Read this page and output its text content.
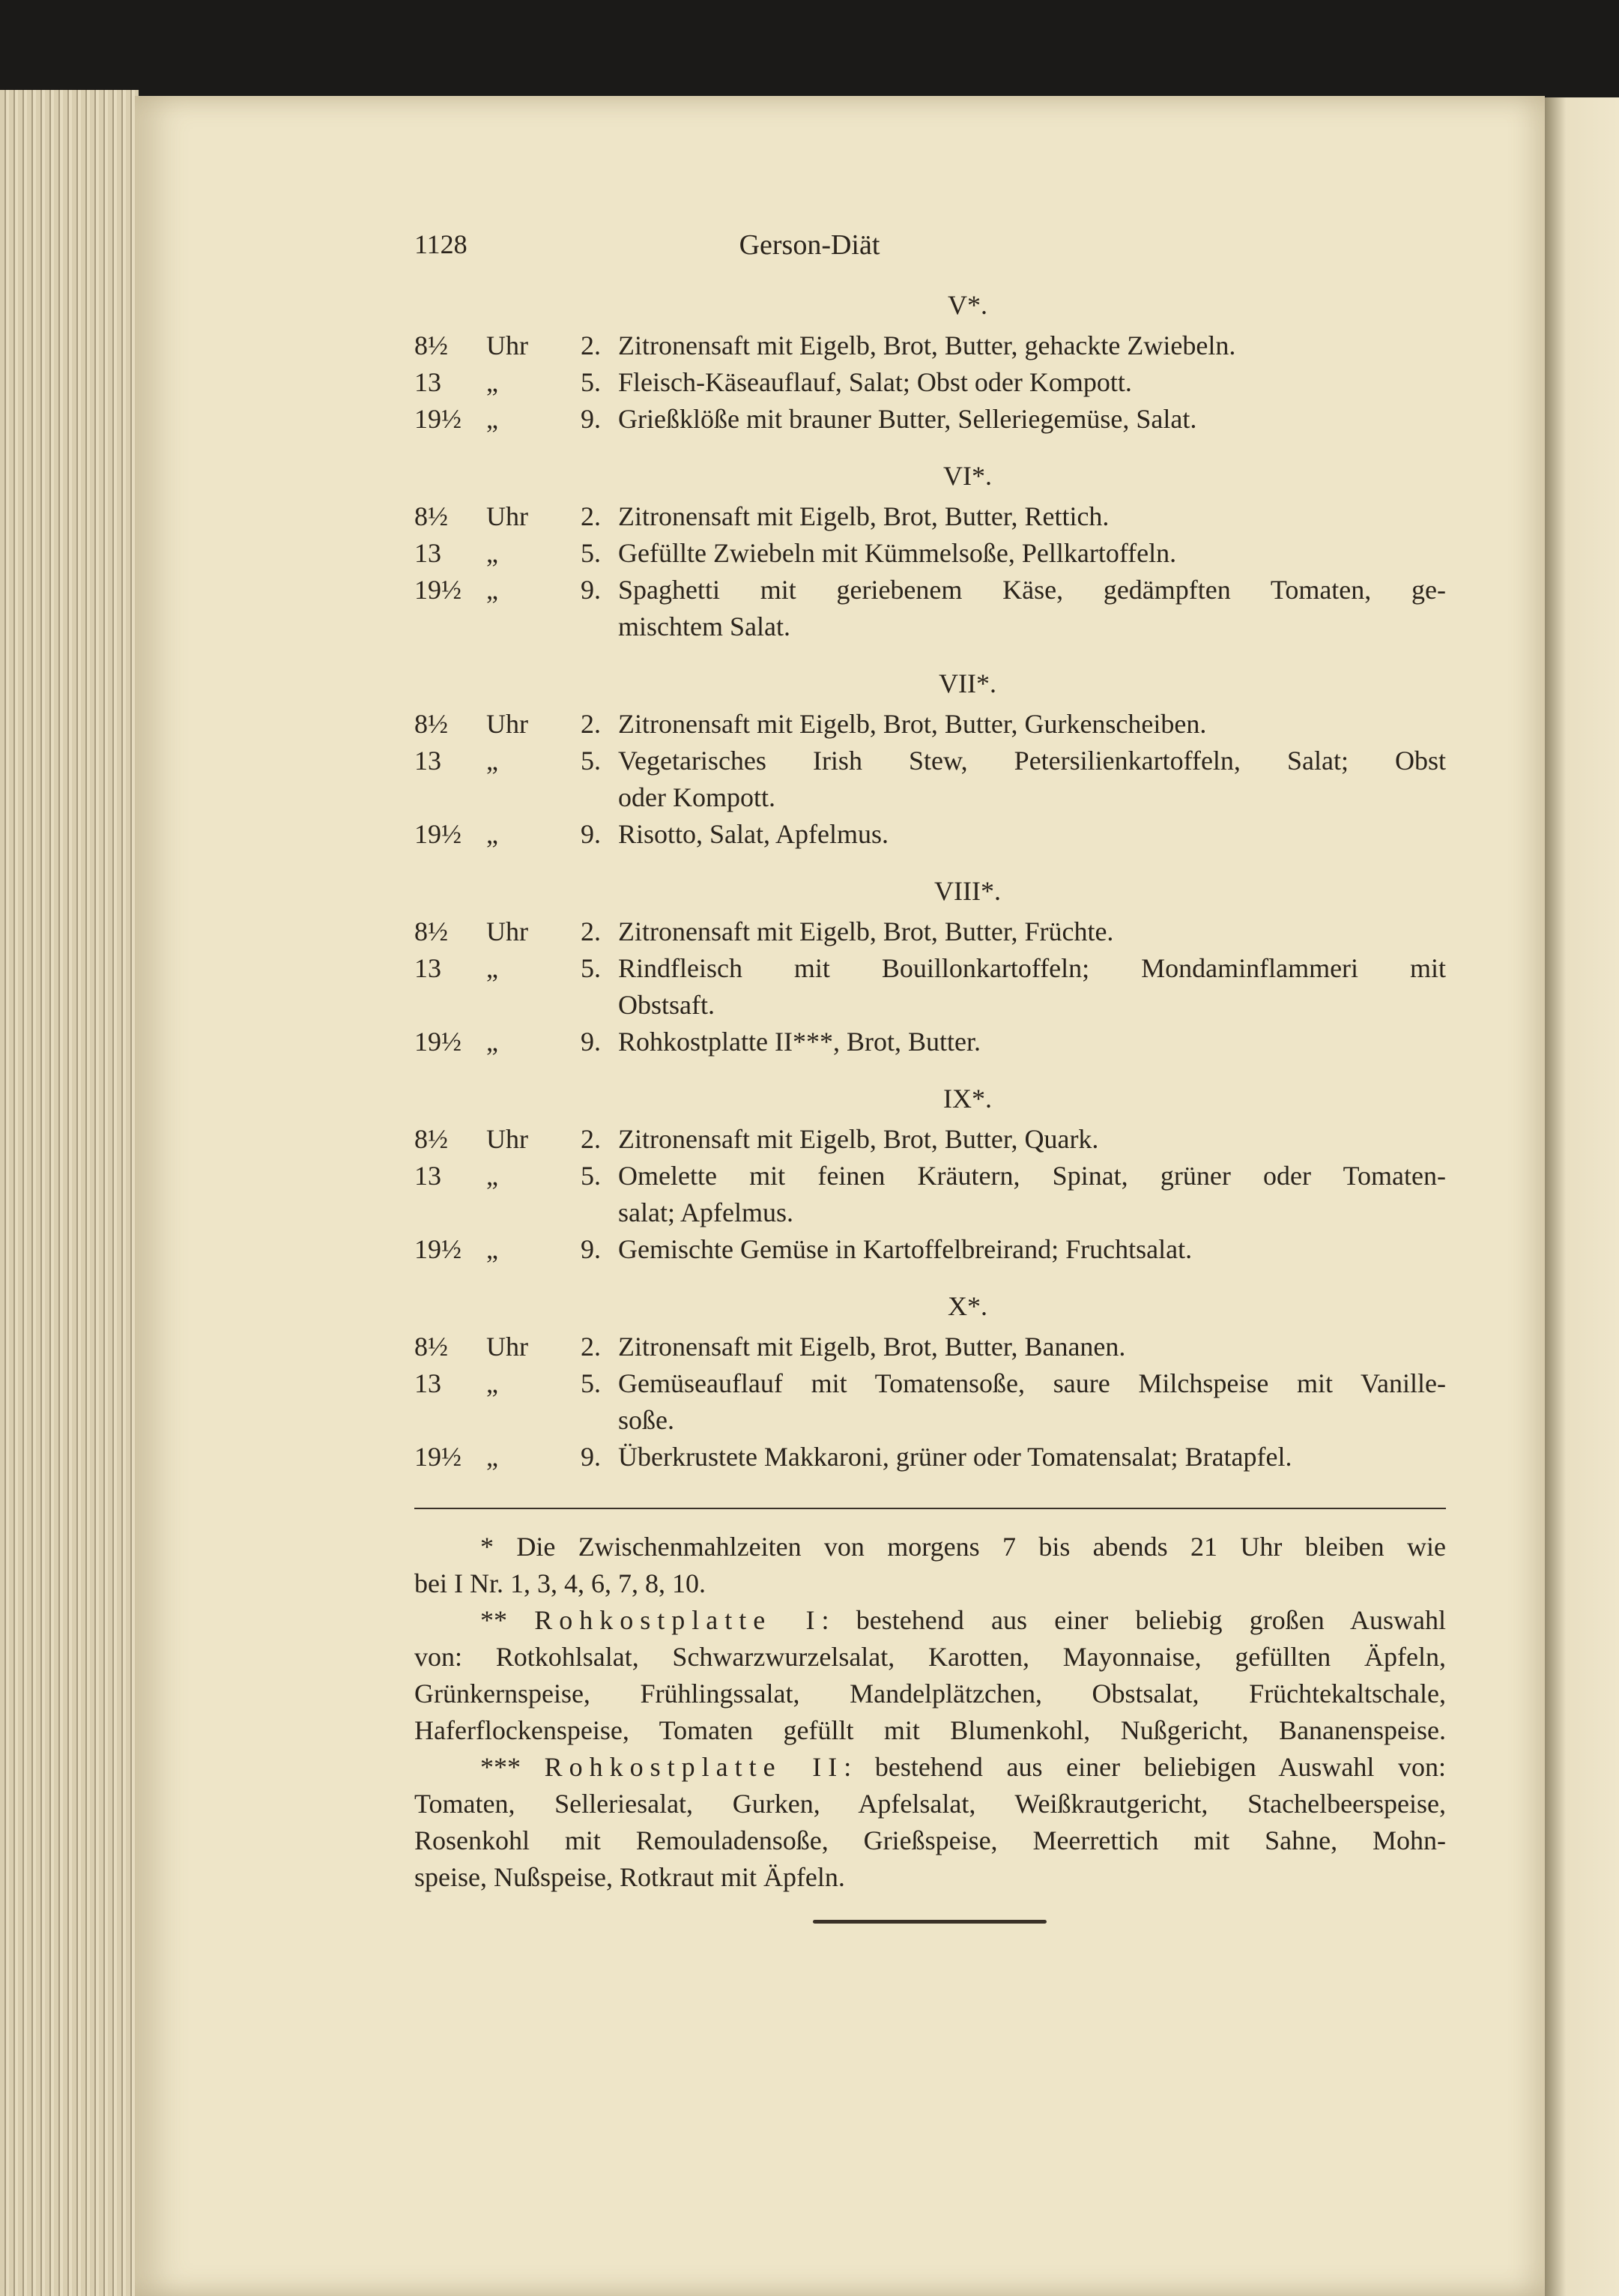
1128	Gerson-Diät
V*.
8½	Uhr 2. Zitronensaft mit Eigelb, Brot, Butter, gehackte Zwiebeln.
13	„	5. Fleisch-Käseauflauf, Salat; Obst oder Kompott.
19½ „	9. Grießklöße mit brauner Butter, Selleriegemüse, Salat.
VI*.
8½	Uhr 2. Zitronensaft mit Eigelb, Brot, Butter, Rettich.
13	„	5. Gefüllte Zwiebeln mit Kümmelsoße, Pellkartoffeln.
19½ „	9. Spaghetti mit geriebenem Käse, gedämpften Tomaten, ge-
mischtem Salat.
VII*.
8½	Uhr 2. Zitronensaft mit Eigelb, Brot, Butter, Gurkenscheiben.
13	„	5. Vegetarisches Irish Stew, Petersilienkartoffeln, Salat; Obst
oder Kompott.
19½ „	9. Risotto, Salat, Apfelmus.
VIII*.
8½	Uhr 2. Zitronensaft mit Eigelb, Brot, Butter, Früchte.
13	„	5. Rindfleisch mit Bouillonkartoffeln; Mondaminflammeri mit
Obstsaft.
19½ „	9. Rohkostplatte II***, Brot, Butter.
IX*.
8½	Uhr 2. Zitronensaft mit Eigelb, Brot, Butter, Quark.
13	„	5. Omelette mit feinen Kräutern, Spinat, grüner oder Tomaten-
salat; Apfelmus.
19½ „	9. Gemischte Gemüse in Kartoffelbreirand; Fruchtsalat.
X*.
8½	Uhr 2. Zitronensaft mit Eigelb, Brot, Butter, Bananen.
13	„	5. Gemüseauflauf mit Tomatensoße, saure Milchspeise mit Vanille-
soße.
19½ „	9. Überkrustete Makkaroni, grüner oder Tomatensalat; Bratapfel.
* Die Zwischenmahlzeiten von morgens 7 bis abends 21 Uhr bleiben wie
bei I Nr. 1, 3, 4, 6, 7, 8, 10.
** Rohkostplatte I: bestehend aus einer beliebig großen Auswahl
von: Rotkohlsalat, Schwarzwurzelsalat, Karotten, Mayonnaise, gefüllten Äpfeln,
Grünkernspeise, Frühlingssalat, Mandelplätzchen, Obstsalat, Früchtekaltschale,
Haferflockenspeise, Tomaten gefüllt mit Blumenkohl, Nußgericht, Bananenspeise.
*** Rohkostplatte II: bestehend aus einer beliebigen Auswahl von:
Tomaten, Selleriesalat, Gurken, Apfelsalat, Weißkrautgericht, Stachelbeerspeise,
Rosenkohl mit Remouladensoße, Grießspeise, Meerrettich mit Sahne, Mohn-
speise, Nußspeise, Rotkraut mit Äpfeln.
